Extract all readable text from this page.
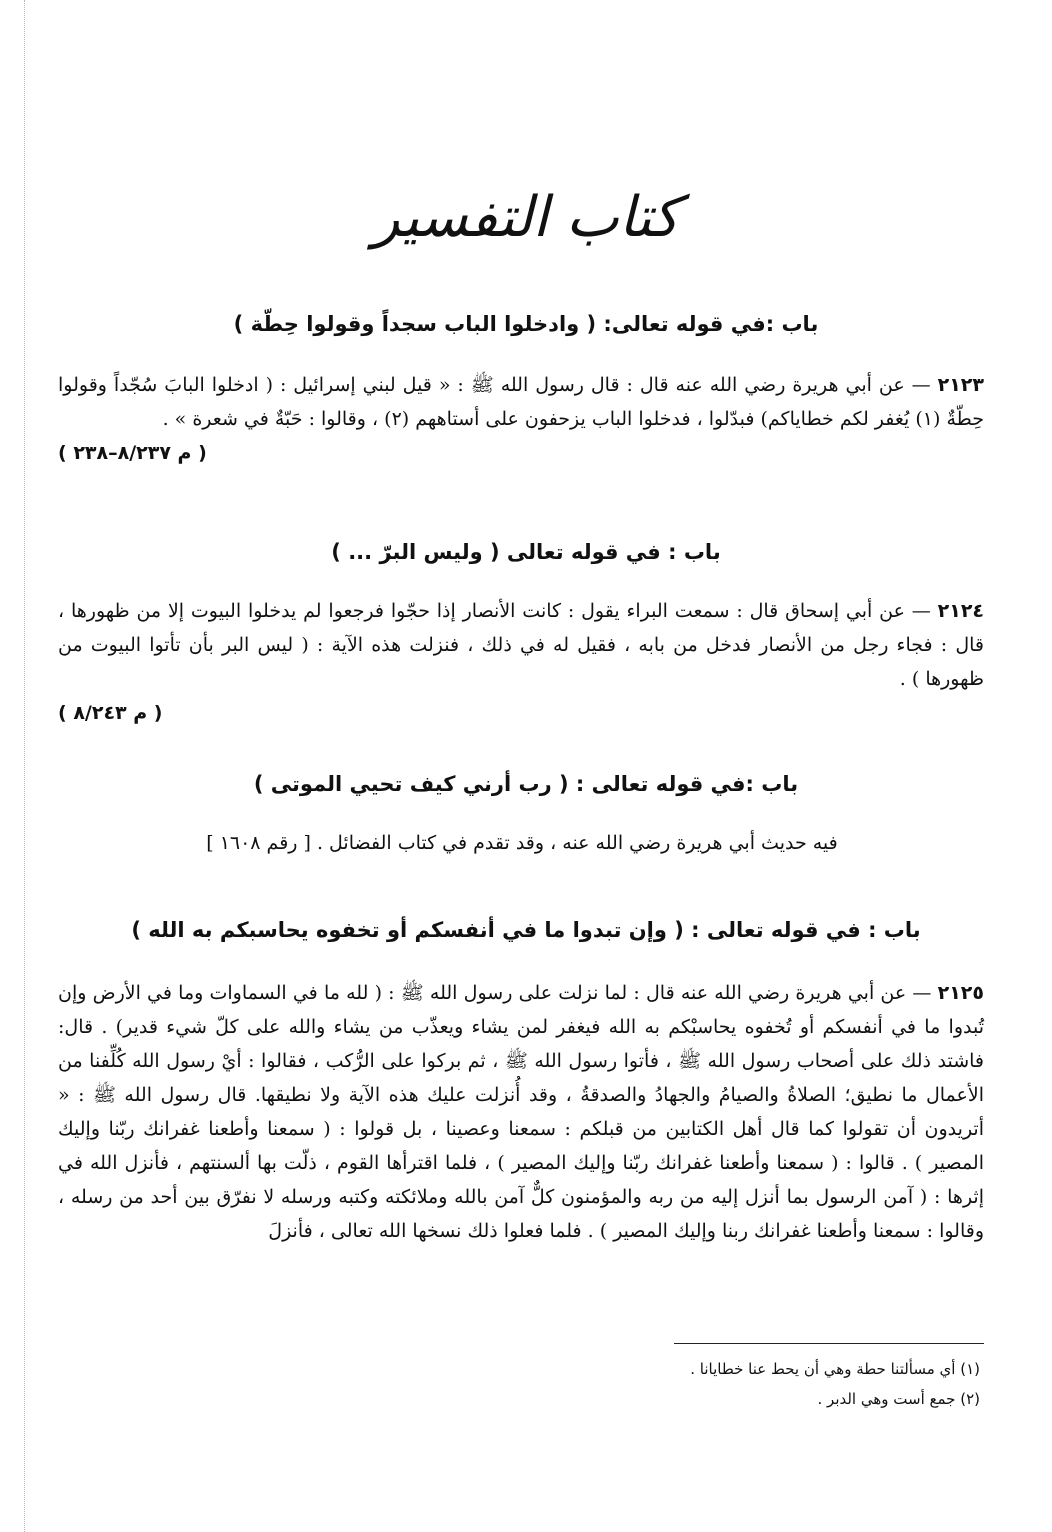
كتاب التفسير
باب :في قوله تعالى: ( وادخلوا الباب سجداً وقولوا حِطّة )
٢١٢٣ — عن أبي هريرة رضي الله عنه قال : قال رسول الله ﷺ : « قيل لبني إسرائيل : ( ادخلوا البابَ سُجّداً وقولوا حِطّةٌ (١) يُغفر لكم خطاياكم) فبدّلوا ، فدخلوا الباب يزحفون على أستاههم (٢) ، وقالوا : حَبّةٌ في شعرة » .
( م ٨/٢٣٧–٢٣٨ )
باب : في قوله تعالى ( وليس البرّ ... )
٢١٢٤ — عن أبي إسحاق قال : سمعت البراء يقول : كانت الأنصار إذا حجّوا فرجعوا لم يدخلوا البيوت إلا من ظهورها ، قال : فجاء رجل من الأنصار فدخل من بابه ، فقيل له في ذلك ، فنزلت هذه الآية : ( ليس البر بأن تأتوا البيوت من ظهورها ) .
( م ٨/٢٤٣ )
باب :في قوله تعالى : ( رب أرني كيف تحيي الموتى )
فيه حديث أبي هريرة رضي الله عنه ، وقد تقدم في كتاب الفضائل . [ رقم ١٦٠٨ ]
باب : في قوله تعالى : ( وإن تبدوا ما في أنفسكم أو تخفوه يحاسبكم به الله )
٢١٢٥ — عن أبي هريرة رضي الله عنه قال : لما نزلت على رسول الله ﷺ : ( لله ما في السماوات وما في الأرض وإن تُبدوا ما في أنفسكم أو تُخفوه يحاسبْكم به الله فيغفر لمن يشاء ويعذّب من يشاء والله على كلّ شيء قدير) . قال: فاشتد ذلك على أصحاب رسول الله ﷺ ، فأتوا رسول الله ﷺ ، ثم بركوا على الرُّكب ، فقالوا : أيْ رسول الله كُلِّفنا من الأعمال ما نطيق؛ الصلاةُ والصيامُ والجهادُ والصدقةُ ، وقد أُنزلت عليك هذه الآية ولا نطيقها. قال رسول الله ﷺ : « أتريدون أن تقولوا كما قال أهل الكتابين من قبلكم : سمعنا وعصينا ، بل قولوا : ( سمعنا وأطعنا غفرانك ربّنا وإليك المصير ) . قالوا : ( سمعنا وأطعنا غفرانك ربّنا وإليك المصير ) ، فلما اقترأها القوم ، ذلّت بها ألسنتهم ، فأنزل الله في إثرها : ( آمن الرسول بما أنزل إليه من ربه والمؤمنون كلٌّ آمن بالله وملائكته وكتبه ورسله لا نفرّق بين أحد من رسله ، وقالوا : سمعنا وأطعنا غفرانك ربنا وإليك المصير ) . فلما فعلوا ذلك نسخها الله تعالى ، فأنزلَ
(١) أي مسألتنا حطة وهي أن يحط عنا خطايانا .
(٢) جمع أست وهي الدبر .
